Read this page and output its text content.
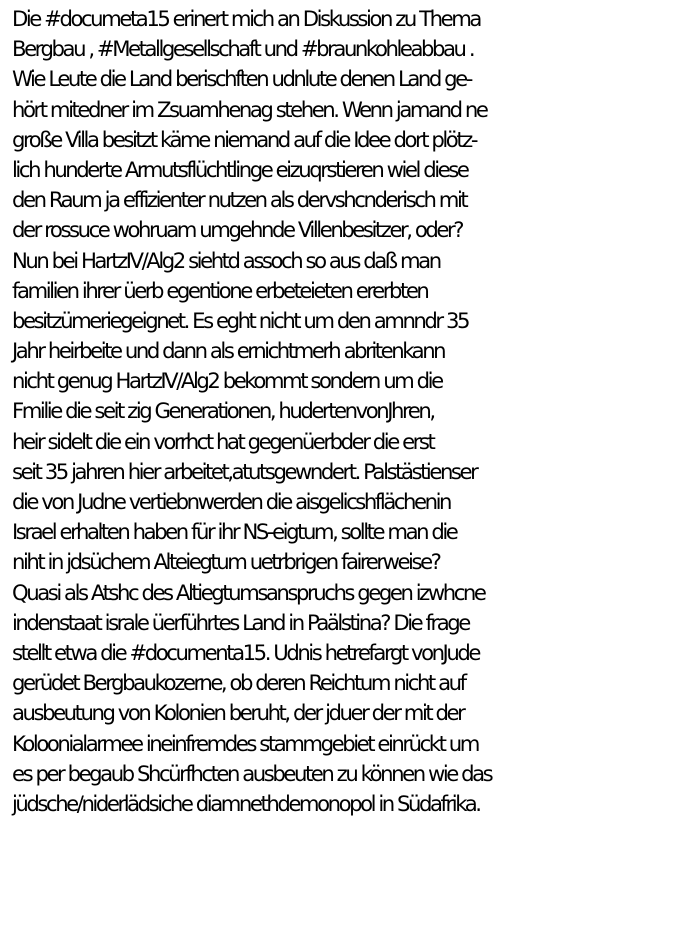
Die #documeta15 erinert mich an Diskussion zu Thema
Bergbau , #Metallgesellschaft und #braunkohleabbau .
Wie Leute die Land berischften udnlute denen Land ge-
hört mitedner im Zsuamhenag stehen. Wenn jamand ne
große Villa besitzt käme niemand auf die Idee dort plötz-
lich hunderte Armutsflüchtlinge eizuqrstieren wiel diese
den Raum ja effizienter nutzen als dervshcnderisch mit
der rossuce wohruam umgehnde Villenbesitzer, oder?
Nun bei HartzIV/Alg2 siehtd assoch so aus daß man
familien ihrer üerb egentione erbeteieten ererbten
besitzümeriegeignet. Es eght nicht um den amnndr 35
Jahr heirbeite und dann als ernichtmerh abritenkann
nicht genug HartzIV/Alg2 bekommt sondern um die
Fmilie die seit zig Generationen, hudertenvonJhren,
heir sidelt die ein vorrhct hat gegenüerbder die erst
seit 35 jahren hier arbeitet,atutsgewndert. Palstästienser
die von Judne vertiebnwerden die aisgelicshflächenin
Israel erhalten haben für ihr NS-eigtum, sollte man die
niht in jdsüchem Alteiegtum uetrbrigen fairerweise?
Quasi als Atshc des Altiegtumsanspruchs gegen izwhcne
indenstaat israle üerführtes Land in Paälstina? Die frage
stellt etwa die #documenta15. Udnis hetrefargt vonJude
gerüdet Bergbaukozerne, ob deren Reichtum nicht auf
ausbeutung von Kolonien beruht, der jduer der mit der
Koloonialarmee ineinfremdes stammgebiet einrückt um
es per begaub Shcürfhcten ausbeuten zu können wie das
jüdsche/niderlädsiche diamnethdemonopol in Südafrika.
